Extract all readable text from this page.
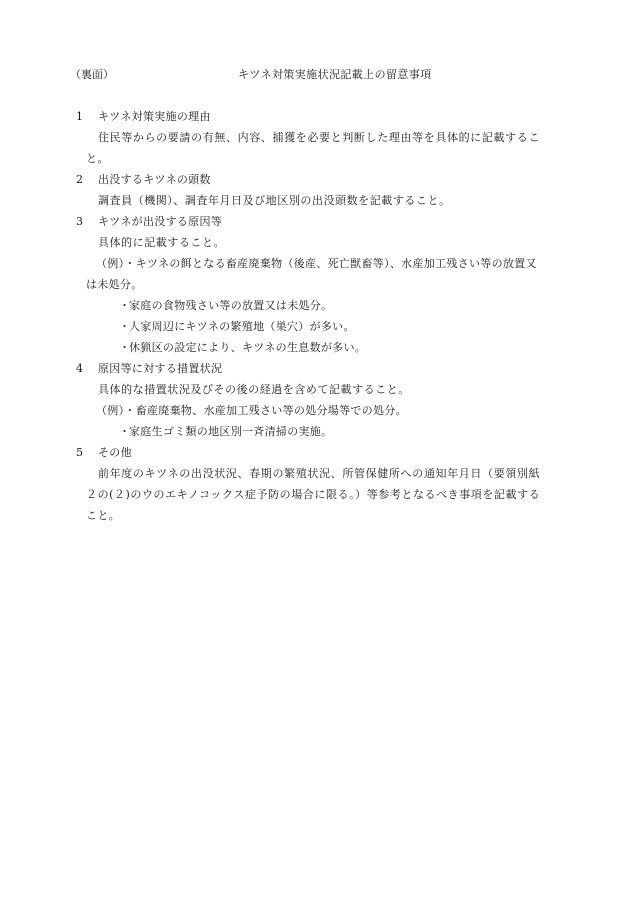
（裏面）	キツネ対策実施状況記載上の留意事項
1 キツネ対策実施の理由
住民等からの要請の有無、内容、捕獲を必要と判断した理由等を具体的に記載すること。
2 出没するキツネの頭数
調査員（機関）、調査年月日及び地区別の出没頭数を記載すること。
3 キツネが出没する原因等
具体的に記載すること。
（例）・キツネの餌となる畜産廃棄物（後産、死亡獣畜等）、水産加工残さい等の放置又は未処分。
・家庭の食物残さい等の放置又は未処分。
・人家周辺にキツネの繁殖地（巣穴）が多い。
・休猟区の設定により、キツネの生息数が多い。
4 原因等に対する措置状況
具体的な措置状況及びその後の経過を含めて記載すること。
（例）・畜産廃棄物、水産加工残さい等の処分場等での処分。
・家庭生ゴミ類の地区別一斉清掃の実施。
5 その他
前年度のキツネの出没状況、春期の繁殖状況、所管保健所への通知年月日（要領別紙２の(２)のウのエキノコックス症予防の場合に限る。）等参考となるべき事項を記載すること。
